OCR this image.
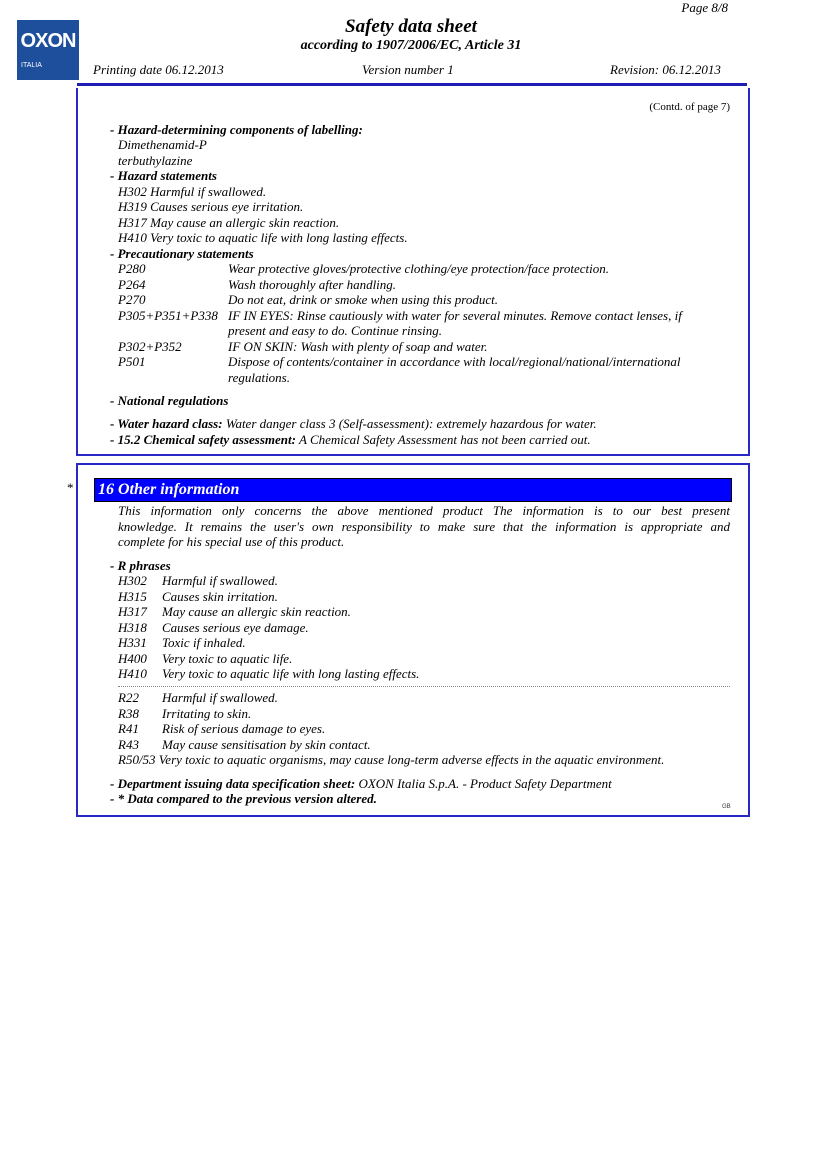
Page 8/8
Safety data sheet
according to 1907/2006/EC, Article 31
OXON
ITALIA	Printing date 06.12.2013	Version number 1	Revision: 06.12.2013
(Contd. of page 7)
- Hazard-determining components of labelling:
Dimethenamid-P
terbuthylazine
- Hazard statements
H302 Harmful if swallowed.
H319 Causes serious eye irritation.
H317 May cause an allergic skin reaction.
H410 Very toxic to aquatic life with long lasting effects.
- Precautionary statements
P280	Wear protective gloves/protective clothing/eye protection/face protection.
P264	Wash thoroughly after handling.
P270	Do not eat, drink or smoke when using this product.
P305+P351+P338 IF IN EYES: Rinse cautiously with water for several minutes. Remove contact lenses, if
present and easy to do. Continue rinsing.
P302+P352	IF ON SKIN: Wash with plenty of soap and water.
P501	Dispose of contents/container in accordance with local/regional/national/international
regulations.
- National regulations
- Water hazard class: Water danger class 3 (Self-assessment): extremely hazardous for water.
- 15.2 Chemical safety assessment: A Chemical Safety Assessment has not been carried out.
* 16 Other information
This information only concerns the above mentioned product The information is to our best present
knowledge. It remains the user's own responsibility to make sure that the information is appropriate and
complete for his special use of this product.
- R phrases
H302 Harmful if swallowed.
H315 Causes skin irritation.
H317 May cause an allergic skin reaction.
H318 Causes serious eye damage.
H331 Toxic if inhaled.
H400 Very toxic to aquatic life.
H410 Very toxic to aquatic life with long lasting effects.
R22 Harmful if swallowed.
R38 Irritating to skin.
R41 Risk of serious damage to eyes.
R43 May cause sensitisation by skin contact.
R50/53 Very toxic to aquatic organisms, may cause long-term adverse effects in the aquatic environment.
- Department issuing data specification sheet: OXON Italia S.p.A. - Product Safety Department
- * Data compared to the previous version altered.
GB
